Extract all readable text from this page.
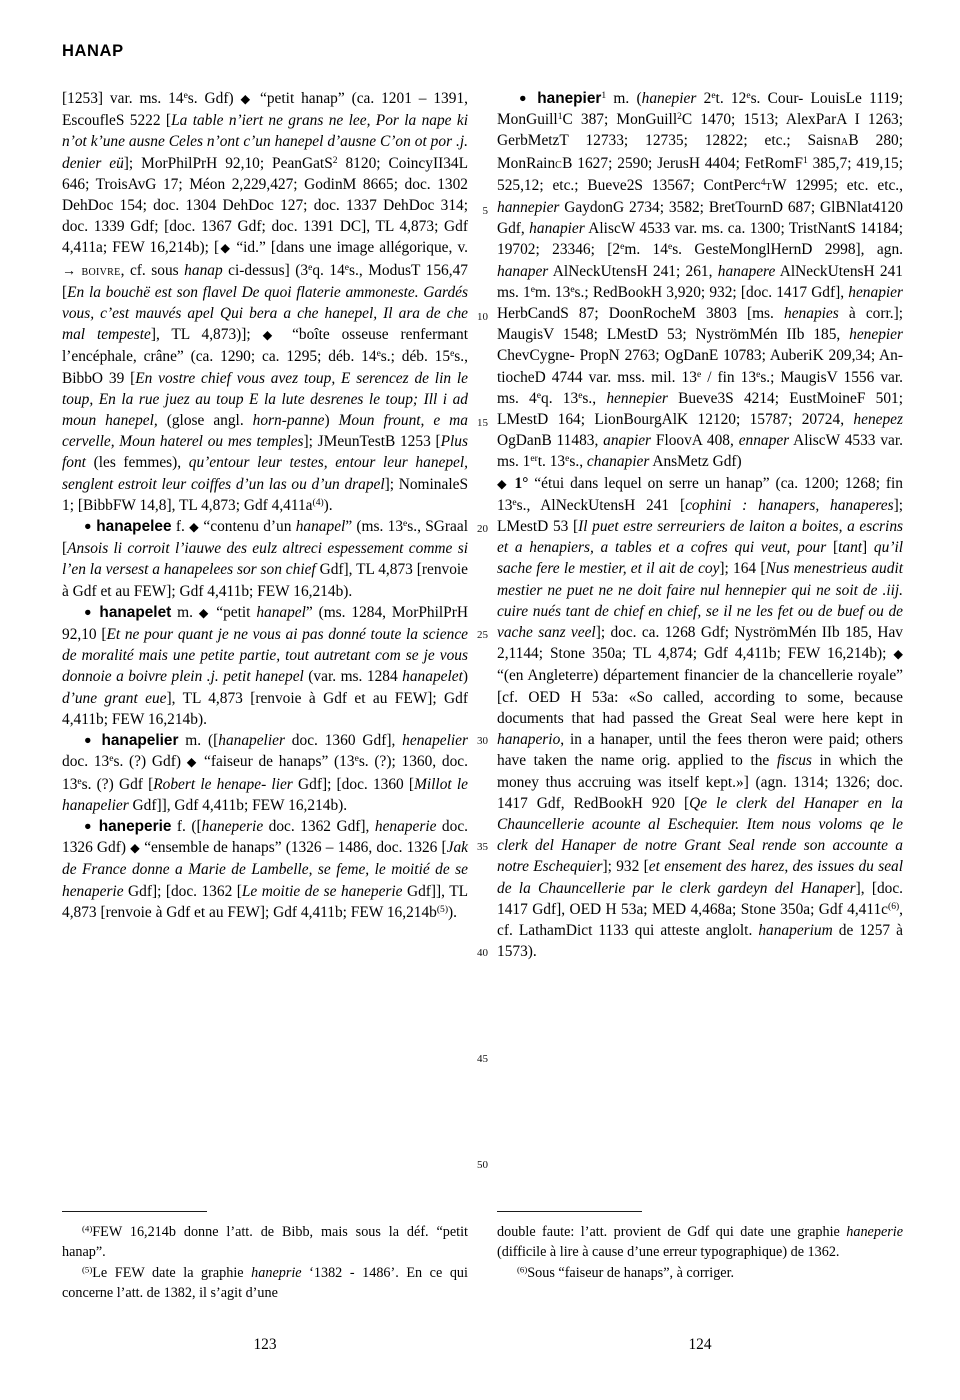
HANAP

[1253] var. ms. 14es. Gdf) ◆ “petit hanap” (ca. 1201 – 1391, EscoufleS 5222 [La table n’iert ne grans ne lee, Por la nape ki n’ot k’une ausne Celes n’ont c’un hanepel d’ausne C’on ot por .j. denier eü]; MorPhilPrH 92,10; PeanGatS$^2$ 8120; CoincyII34L 646; TroisAvG 17; Méon 2,229,427; GodinM 8665; doc. 1302 DehDoc 154; doc. 1304 DehDoc 127; doc. 1337 DehDoc 314; doc. 1339 Gdf; [doc. 1367 Gdf; doc. 1391 DC], TL 4,873; Gdf 4,411a; FEW 16,214b); [◆ “id.” [dans une image allégorique, v. → boivre, cf. sous hanap ci-dessus] (3eq. 14es., ModusT 156,47 [En la bouchë est son flavel De quoi flaterie ammoneste. Gardés vous, c’est mauvés apel Qui bera a che hanepel, Il ara de che mal tempeste], TL 4,873)]; ◆ “boîte osseuse renfermant l’encéphale, crâne” (ca. 1290; ca. 1295; déb. 14es.; déb. 15es., BibbO 39 [En vostre chief vous avez toup, E serencez de lin le toup, En la rue juez au toup E la lute desrenes le toup; Ill i ad moun hanepel, (glose angl. horn-panne) Moun frount, e ma cervelle, Moun haterel ou mes temples]; JMeunTestB 1253 [Plus font (les femmes), qu’entour leur testes, entour leur hanepel, senglent estroit leur coiffes d’un las ou d’un drapel]; NominaleS 1; [BibbFW 14,8], TL 4,873; Gdf $4,411a^{(4)}$).

● hanapelee f. ◆ “contenu d’un hanapel” (ms. 13es., SGraal [Ansois li corroit l’iauwe des eulz altreci espessement comme si l’en la versest a hanapelees sor son chief Gdf], TL 4,873 [renvoie à Gdf et au FEW]; Gdf 4,411b; FEW 16,214b).

● hanapelet m. ◆ “petit hanapel” (ms. 1284, MorPhilPrH 92,10 [Et ne pour quant je ne vous ai pas donné toute la science de moralité mais une petite partie, tout autretant com se je vous donnoie a boivre plein .j. petit hanepel (var. ms. 1284 hanapelet) d’une grant eue], TL 4,873 [renvoie à Gdf et au FEW]; Gdf 4,411b; FEW 16,214b).

● hanapelier m. ([hanapelier doc. 1360 Gdf], henapelier doc. 13es. (?) Gdf) ◆ “faiseur de hanaps” (13es. (?); 1360, doc. 13es. (?) Gdf [Robert le henape- lier Gdf]; [doc. 1360 [Millot le hanapelier Gdf]], Gdf 4,411b; FEW 16,214b).

● haneperie f. ([haneperie doc. 1362 Gdf], henaperie doc. 1326 Gdf) ◆ “ensemble de hanaps” (1326 – 1486, doc. 1326 [Jak de France donne a Marie de Lambelle, se feme, le moitié de se henaperie Gdf]; [doc. 1362 [Le moitie de se haneperie Gdf]], TL 4,873 [renvoie à Gdf et au FEW]; Gdf 4,411b; FEW $16,214b^{(5)}$).

● hanepier$^1$ m. (hanepier 2et. 12es. Cour- LouisLe 1119; MonGuill$^1$C 387; MonGuill$^2$C 1470; 1513; AlexParA I 1263; GerbMetzT 12733; 12735; 12822; etc.; SaisnaB 280; MonRaincB 1627; 2590; JerusH 4404; FetRomF$^1$ 385,7; 419,15; 525,12; etc.; Bueve2S 13567; ContPerc$^4$tW 12995; etc. etc., hannepier GaydonG 2734; 3582; BretTournD 687; GlBNlat4120 Gdf, hanapier AliscW 4533 var. ms. ca. 1300; TristNantS 14184; 19702; 23346; [2em. 14es. GesteMonglHernD 2998], agn. hanaper AlNeckUtensH 241; 261, hanapere AlNeckUtensH 241 ms. 1em. 13es.; RedBookH 3,920; 932; [doc. 1417 Gdf], henapier HerbCandS 87; DoonRocheM 3803 [ms. henapies à corr.]; MaugisV 1548; LMestD 53; NyströmMén IIb 185, henepier ChevCygne- PropN 2763; OgDanE 10783; AuberiK 209,34; An- tiocheD 4744 var. mss. mil. 13e / fin 13es.; MaugisV 1556 var. ms. 4eq. 13es., hennepier Bueve3S 4214; EustMoineF 501; LMestD 164; LionBourgAlK 12120; 15787; 20724, henepez OgDanB 11483, anapier FloovA 408, ennaper AliscW 4533 var. ms. 1ert. 13es., chanapier AnsMetz Gdf)

◆ 1° “étui dans lequel on serre un hanap” (ca. 1200; 1268; fin 13es., AlNeckUtensH 241 [cophini : hanapers, hanaperes]; LMestD 53 [Il puet estre serreuriers de laiton a boites, a escrins et a henapiers, a tables et a cofres qui veut, pour [tant] qu’il sache fere le mestier, et il ait de coy]; 164 [Nus menestrieus audit mestier ne puet ne ne doit faire nul hennepier qui ne soit de .iij. cuire nués tant de chief en chief, se il ne les fet ou de buef ou de vache sanz veel]; doc. ca. 1268 Gdf; NyströmMén IIb 185, Hav 2,1144; Stone 350a; TL 4,874; Gdf 4,411b; FEW 16,214b); ◆ “(en Angleterre) département financier de la chancellerie royale” [cf. OED H 53a: «So called, according to some, because documents that had passed the Great Seal were here kept in hanaperio, in a hanaper, until the fees theron were paid; others have taken the name orig. applied to the fiscus in which the money thus accruing was itself kept.»] (agn. 1314; 1326; doc. 1417 Gdf, RedBookH 920 [Qe le clerk del Hanaper en la Chauncellerie acounte al Eschequier. Item nous voloms qe le clerk del Hanaper de notre Grant Seal rende son accounte a notre Eschequier]; 932 [et ensement des harez, des issues du seal de la Chauncellerie par le clerk gardeyn del Hanaper], [doc. 1417 Gdf], OED H 53a; MED 4,468a; Stone 350a; Gdf $4,411c^{(6)}$, cf. LathamDict 1133 qui atteste anglolt. hanaperium de 1257 à 1573).

5
10
15
20
25
30
35
40
45
50

$^{(4)}$FEW 16,214b donne l’att. de Bibb, mais sous la déf. “petit hanap”.

$^{(5)}$Le FEW date la graphie haneprie ‘1382 - 1486’. En ce qui concerne l’att. de 1382, il s’agit d’une

double faute: l’att. provient de Gdf qui date une graphie haneperie (difficile à lire à cause d’une erreur typographique) de 1362.

$^{(6)}$Sous “faiseur de hanaps”, à corriger.

123	124
